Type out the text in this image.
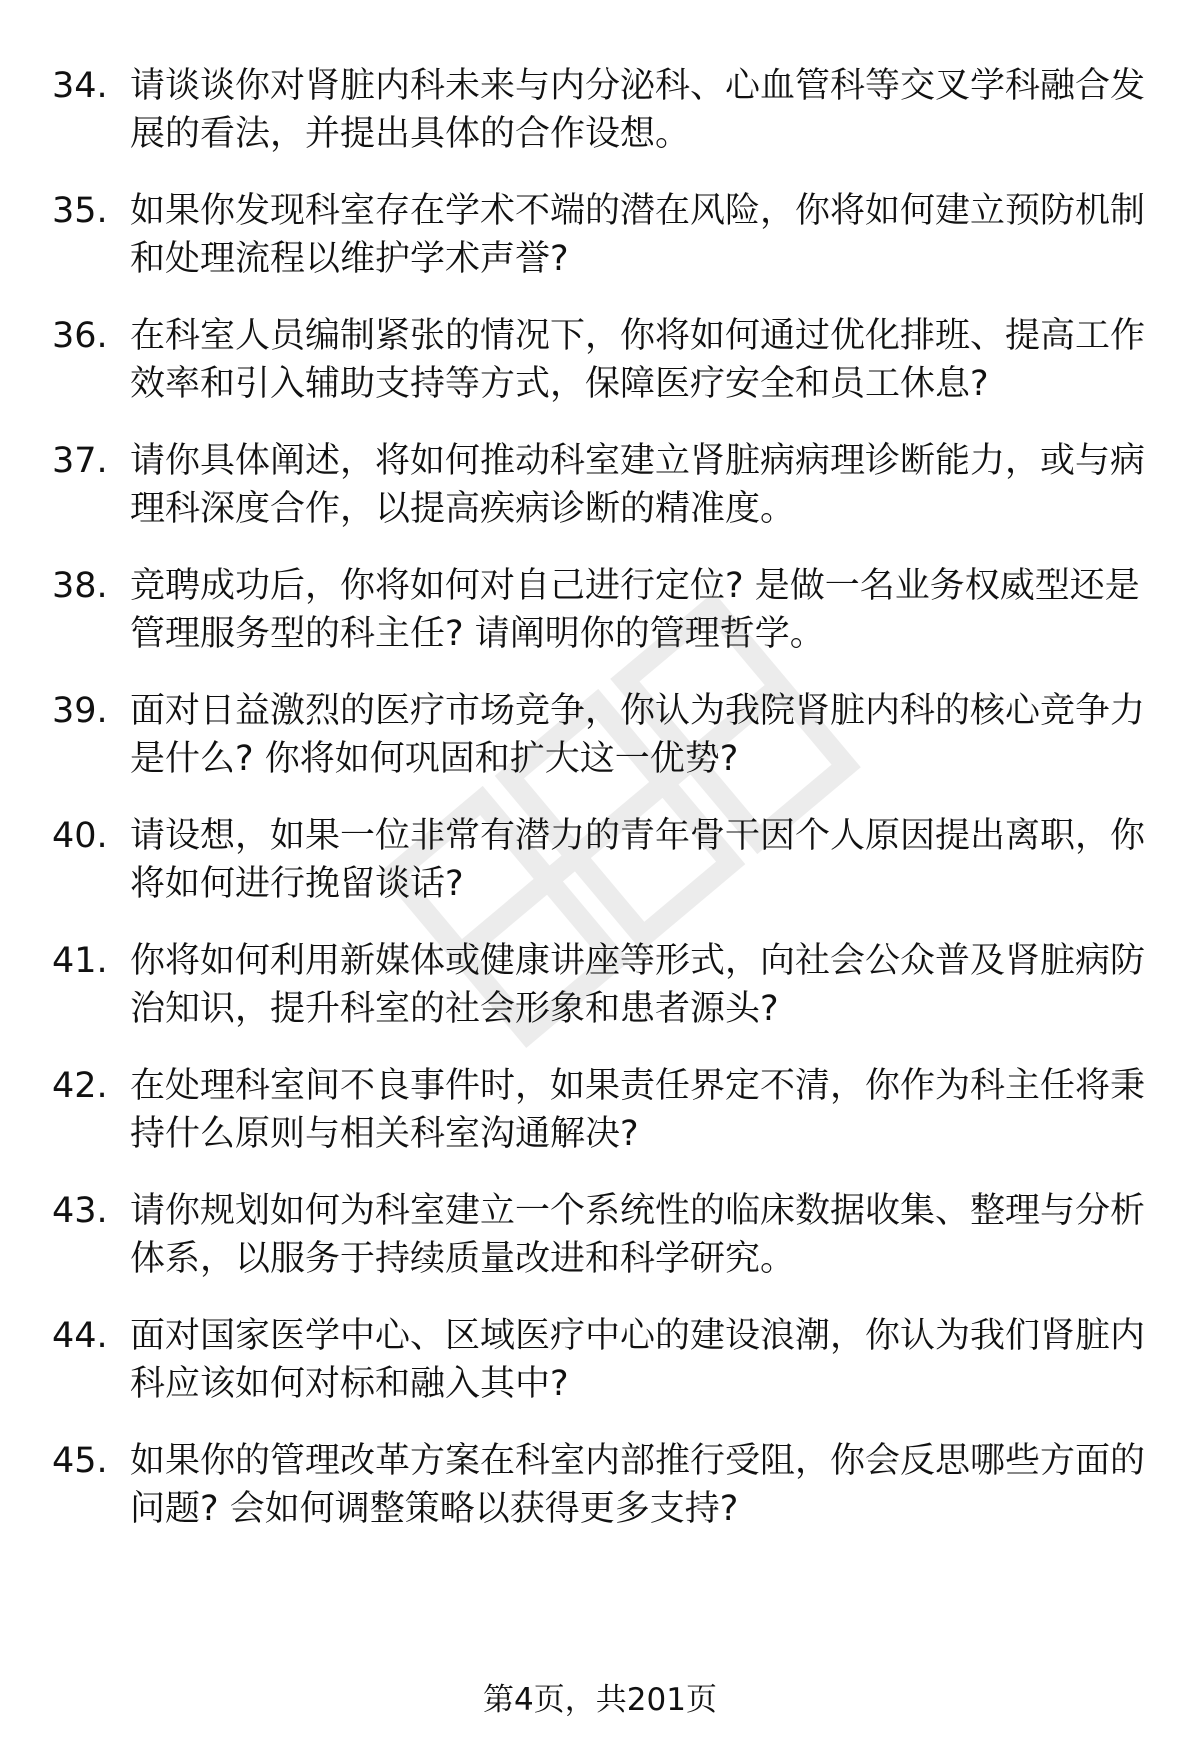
34. 请谈谈你对肾脏内科未来与内分泌科、心血管科等交叉学科融合发展的看法，并提出具体的合作设想。
35. 如果你发现科室存在学术不端的潜在风险，你将如何建立预防机制和处理流程以维护学术声誉?
36. 在科室人员编制紧张的情况下，你将如何通过优化排班、提高工作效率和引入辅助支持等方式，保障医疗安全和员工休息?
37. 请你具体阐述，将如何推动科室建立肾脏病病理诊断能力，或与病理科深度合作，以提高疾病诊断的精准度。
38. 竞聘成功后，你将如何对自己进行定位? 是做一名业务权威型还是管理服务型的科主任? 请阐明你的管理哲学。
39. 面对日益激烈的医疗市场竞争，你认为我院肾脏内科的核心竞争力是什么? 你将如何巩固和扩大这一优势?
40. 请设想，如果一位非常有潜力的青年骨干因个人原因提出离职，你将如何进行挽留谈话?
41. 你将如何利用新媒体或健康讲座等形式，向社会公众普及肾脏病防治知识，提升科室的社会形象和患者源头?
42. 在处理科室间不良事件时，如果责任界定不清，你作为科主任将秉持什么原则与相关科室沟通解决?
43. 请你规划如何为科室建立一个系统性的临床数据收集、整理与分析体系，以服务于持续质量改进和科学研究。
44. 面对国家医学中心、区域医疗中心的建设浪潮，你认为我们肾脏内科应该如何对标和融入其中?
45. 如果你的管理改革方案在科室内部推行受阻，你会反思哪些方面的问题? 会如何调整策略以获得更多支持?
第4页，共201页
